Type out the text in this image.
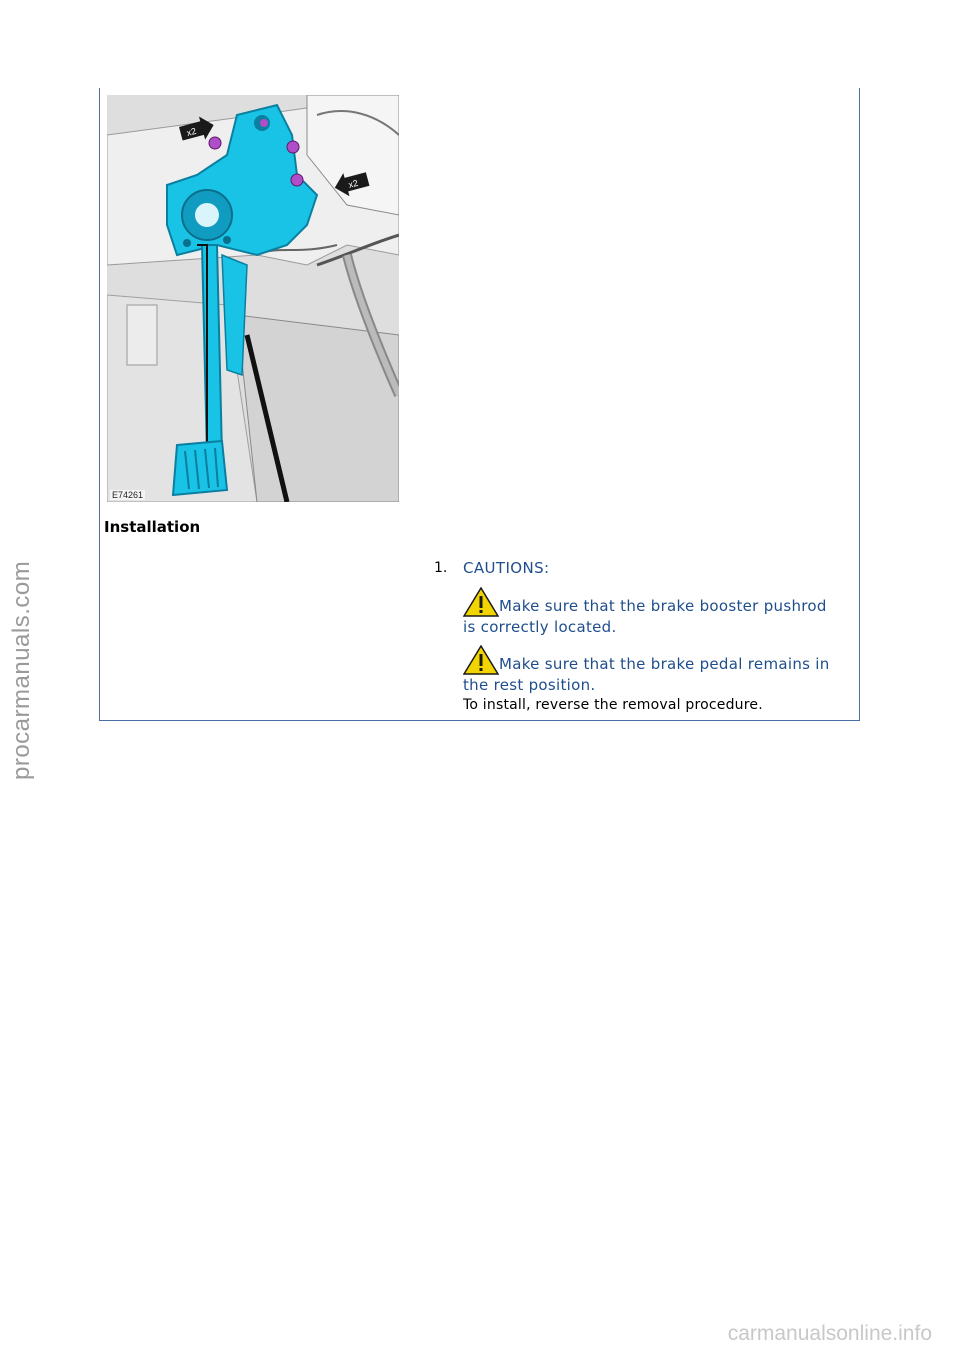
procarmanuals.com
x2
x2
E74261
Installation
1. CAUTIONS:
Make sure that the brake booster pushrod is correctly located.
Make sure that the brake pedal remains in the rest position.
To install, reverse the removal procedure.
carmanualsonline.info
